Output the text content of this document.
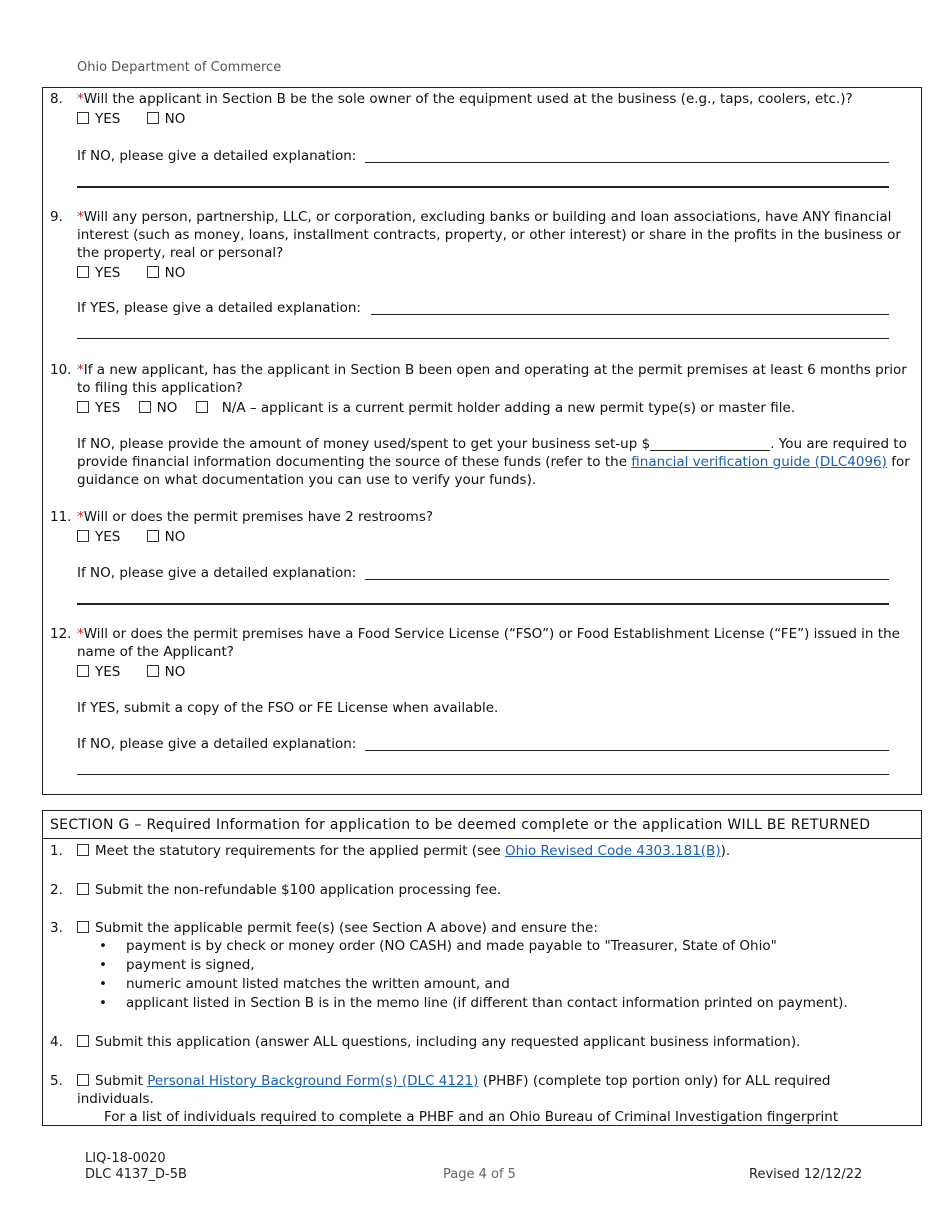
Ohio Department of Commerce
8. *Will the applicant in Section B be the sole owner of the equipment used at the business (e.g., taps, coolers, etc.)?
YES	NO
If NO, please give a detailed explanation:
9. *Will any person, partnership, LLC, or corporation, excluding banks or building and loan associations, have ANY financial interest (such as money, loans, installment contracts, property, or other interest) or share in the profits in the business or the property, real or personal?
YES	NO
If YES, please give a detailed explanation:
10. *If a new applicant, has the applicant in Section B been open and operating at the permit premises at least 6 months prior to filing this application?
YES	NO	N/A – applicant is a current permit holder adding a new permit type(s) or master file.
If NO, please provide the amount of money used/spent to get your business set-up $	. You are required to provide financial information documenting the source of these funds (refer to the financial verification guide (DLC4096) for guidance on what documentation you can use to verify your funds).
11. *Will or does the permit premises have 2 restrooms?
YES	NO
If NO, please give a detailed explanation:
12. *Will or does the permit premises have a Food Service License (“FSO”) or Food Establishment License (“FE”) issued in the name of the Applicant?
YES	NO
If YES, submit a copy of the FSO or FE License when available.
If NO, please give a detailed explanation:
SECTION G – Required Information for application to be deemed complete or the application WILL BE RETURNED
1.	Meet the statutory requirements for the applied permit (see Ohio Revised Code 4303.181(B)).
2.	Submit the non-refundable $100 application processing fee.
3.	Submit the applicable permit fee(s) (see Section A above) and ensure the:
• payment is by check or money order (NO CASH) and made payable to "Treasurer, State of Ohio"
• payment is signed,
• numeric amount listed matches the written amount, and
• applicant listed in Section B is in the memo line (if different than contact information printed on payment).
4.	Submit this application (answer ALL questions, including any requested applicant business information).
5.	Submit Personal History Background Form(s) (DLC 4121) (PHBF) (complete top portion only) for ALL required individuals.
For a list of individuals required to complete a PHBF and an Ohio Bureau of Criminal Investigation fingerprint
LIQ-18-0020
DLC 4137_D-5B	Page 4 of 5	Revised 12/12/22
